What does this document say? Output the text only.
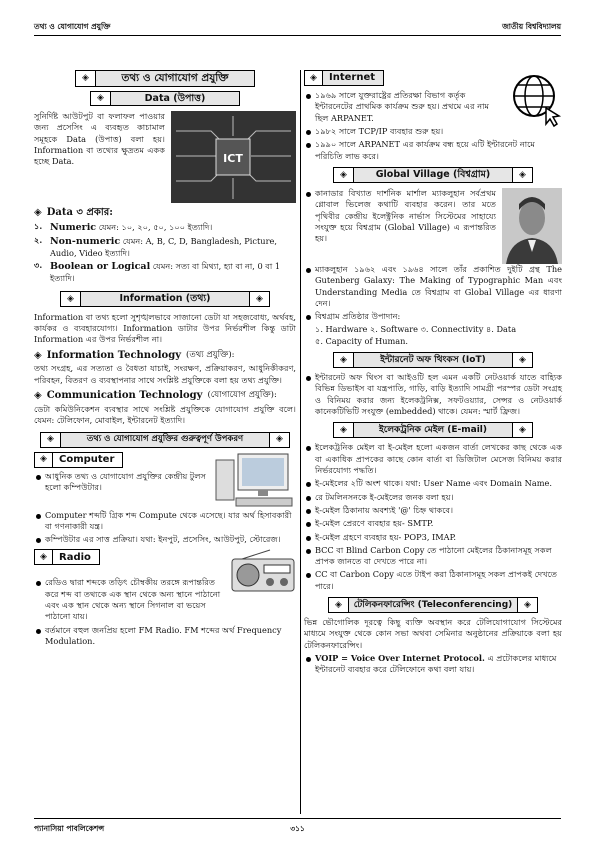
তথ্য ও যোগাযোগ প্রযুক্তি	জাতীয় বিশ্ববিদ্যালয়
◈	তথ্য ও যোগাযোগ প্রযুক্তি
◈	Data (উপাত্ত)

সুনির্দিষ্ট আউটপুট বা ফলাফল পাওয়ার জন্য প্রসেসিং এ ব্যবহৃত কাচামাল সমূহকে Data (উপাত্ত) বলা হয়। Information বা তথ্যের ক্ষুদ্রতম একক হচ্ছে Data.	ICT
◈ Data ৩ প্রকার:
১. Numeric যেমন: ১০, ২০, ৫০, ১০০ ইত্যাদি।
২. Non-numeric যেমন: A, B, C, D, Bangladesh, Picture, Audio, Video ইত্যাদি।
৩. Boolean or Logical যেমন: সত্য বা মিথ্যা, হ্যা বা না, 0 বা 1 ইত্যাদি।
◈	Information (তথ্য)	◈

Information বা তথ্য হলো সুশৃঙ্খলভাবে সাজানো ডেটা যা সহজবোধ্য, অর্থবহ, কার্যকর ও ব্যবহারযোগ্য। Information ডাটার উপর নির্ভরশীল কিন্তু ডাটা Information এর উপর নির্ভরশীল না।

◈ Information Technology (তথ্য প্রযুক্তি):

তথ্য সংগ্রহ, এর সত্যতা ও বৈধতা যাচাই, সংরক্ষণ, প্রক্রিয়াকরণ, আধুনিকীকরণ, পরিবহন, বিতরণ ও ব্যবস্থাপনার সাথে সংশ্লিষ্ট প্রযুক্তিকে বলা হয় তথ্য প্রযুক্তি।

◈ Communication Technology (যোগাযোগ প্রযুক্তি):

ডেটা কমিউনিকেশন ব্যবস্থার সাথে সংশ্লিষ্ট প্রযুক্তিকে যোগাযোগ প্রযুক্তি বলে। যেমন: টেলিফোন, মোবাইল, ইন্টারনেট ইত্যাদি।

◈	তথ্য ও যোগাযোগ প্রযুক্তির গুরুত্বপূর্ণ উপকরণ	◈
◈	Computer
আধুনিক তথ্য ও যোগাযোগ প্রযুক্তির কেন্দ্রীয় টুলস হলো কম্পিউটার।
Computer শব্দটি গ্রিক শব্দ Compute থেকে এসেছে। যার অর্থ হিসাবকারী বা গণনাকারী যন্ত্র।
কম্পিউটার এর সাত্ত প্রক্রিয়া। যথা: ইনপুট, প্রসেসিং, আউটপুট, স্টোরেজ।
◈	Radio
রেডিও দ্বারা শব্দকে তড়িৎ চৌম্বকীয় তরঙ্গে রূপান্তরিত করে শব্দ বা তথ্যকে এক স্থান থেকে অন্য স্থানে পাঠানো এবং এক স্থান থেকে অন্য স্থানে সিগনাল বা ভয়েস পাঠানো যায়।
বর্তমানে বহুল জনপ্রিয় হলো FM Radio. FM শব্দের অর্থ Frequency Modulation.
◈	Internet
১৯৬৯ সালে যুক্তরাষ্ট্রের প্রতিরক্ষা বিভাগ কর্তৃক ইন্টারনেটের প্রাথমিক কার্যক্রম শুরু হয়। প্রথমে এর নাম ছিল ARPANET.
১৯৮২ সালে TCP/IP ব্যবহার শুরু হয়।
১৯৯০ সালে ARPANET এর কার্যক্রম বন্ধ হয়ে এটি ইন্টারনেট নামে পরিচিতি লাভ করে।
◈	Global Village (বিশ্বগ্রাম)	◈
কানাডার বিখ্যাত দার্শনিক মার্শাল ম্যাকলুহান সর্বপ্রথম গ্লোবাল ভিলেজ কথাটি ব্যবহার করেন। তার মতে পৃথিবীর কেন্দ্রীয় ইলেক্ট্রনিক নার্ভাস সিস্টেমের সাহায্যে সংযুক্ত হয়ে বিশ্বগ্রাম (Global Village) এ রূপান্তরিত হয়।
ম্যাকলুহান ১৯৬২ এবং ১৯৬৪ সালে তাঁর প্রকাশিত দুইটি গ্রন্থ The Gutenberg Galaxy: The Making of Typographic Man এবং Understanding Media তে বিশ্বগ্রাম বা Global Village এর ধারণা দেন।
বিশ্বগ্রাম প্রতিষ্ঠার উপাদান:

১. Hardware ২. Software ৩. Connectivity ৪. Data

৫. Capacity of Human.

◈	ইন্টারনেট অফ থিংকস (IoT)	◈
ইন্টারনেট অফ থিংস বা আইওটি হল এমন একটি নেটওয়ার্ক যাতে বাহ্যিক বিভিন্ন ডিভাইস বা যন্ত্রপাতি, গাড়ি, বাড়ি ইত্যাদি সামগ্রী পরস্পর ডেটা সংগ্রহ ও বিনিময় করার জন্য ইলেকট্রনিক্স, সফটওয়্যার, সেন্সর ও নেটওয়ার্ক কানেকটিভিটি সংযুক্ত (embedded) থাকে। যেমন: স্মার্ট ফ্রিজ।
◈	ইলেকট্রনিক মেইল (E-mail)	◈
ইলেকট্রনিক মেইল বা ই-মেইল হলো একজন বার্তা লেখকের কাছ থেকে এক বা একাধিক প্রাপকের কাছে কোন বার্তা বা ডিজিটাল মেসেজ বিনিময় করার নির্ভরযোগ্য পদ্ধতি।
ই-মেইলের ২টি অংশ থাকে। যথা: User Name এবং Domain Name.
রে টমলিনসনকে ই-মেইলের জনক বলা হয়।
ই-মেইল ঠিকানায় অবশ্যই '@' চিহ্ন থাকবে।
ই-মেইল প্রেরণে ব্যবহার হয়- SMTP.
ই-মেইল গ্রহণে ব্যবহার হয়- POP3, IMAP.
BCC বা Blind Carbon Copy তে পাঠানো মেইলের ঠিকানাসমূহ সকল প্রাপক জানতে বা দেখতে পারে না।
CC বা Carbon Copy এতে টাইপ করা ঠিকানাসমূহ সকল প্রাপকই দেখতে পারে।
◈	টেলিকনফারেন্সিং (Teleconferencing)	◈

ভিন্ন ভৌগোলিক দূরত্বে কিছু ব্যক্তি অবস্থান করে টেলিযোগাযোগ সিস্টেমের মাধ্যমে সংযুক্ত থেকে কোন সভা অথবা সেমিনার অনুষ্ঠানের প্রক্রিয়াকে বলা হয় টেলিকনফারেন্সিং।

VOIP = Voice Over Internet Protocol. এ প্রটোকলের মাধ্যমে ইন্টারনেট ব্যবহার করে টেলিফোনে কথা বলা যায়।
প্যানাসিয়া পাবলিকেশন্স	৩১১
